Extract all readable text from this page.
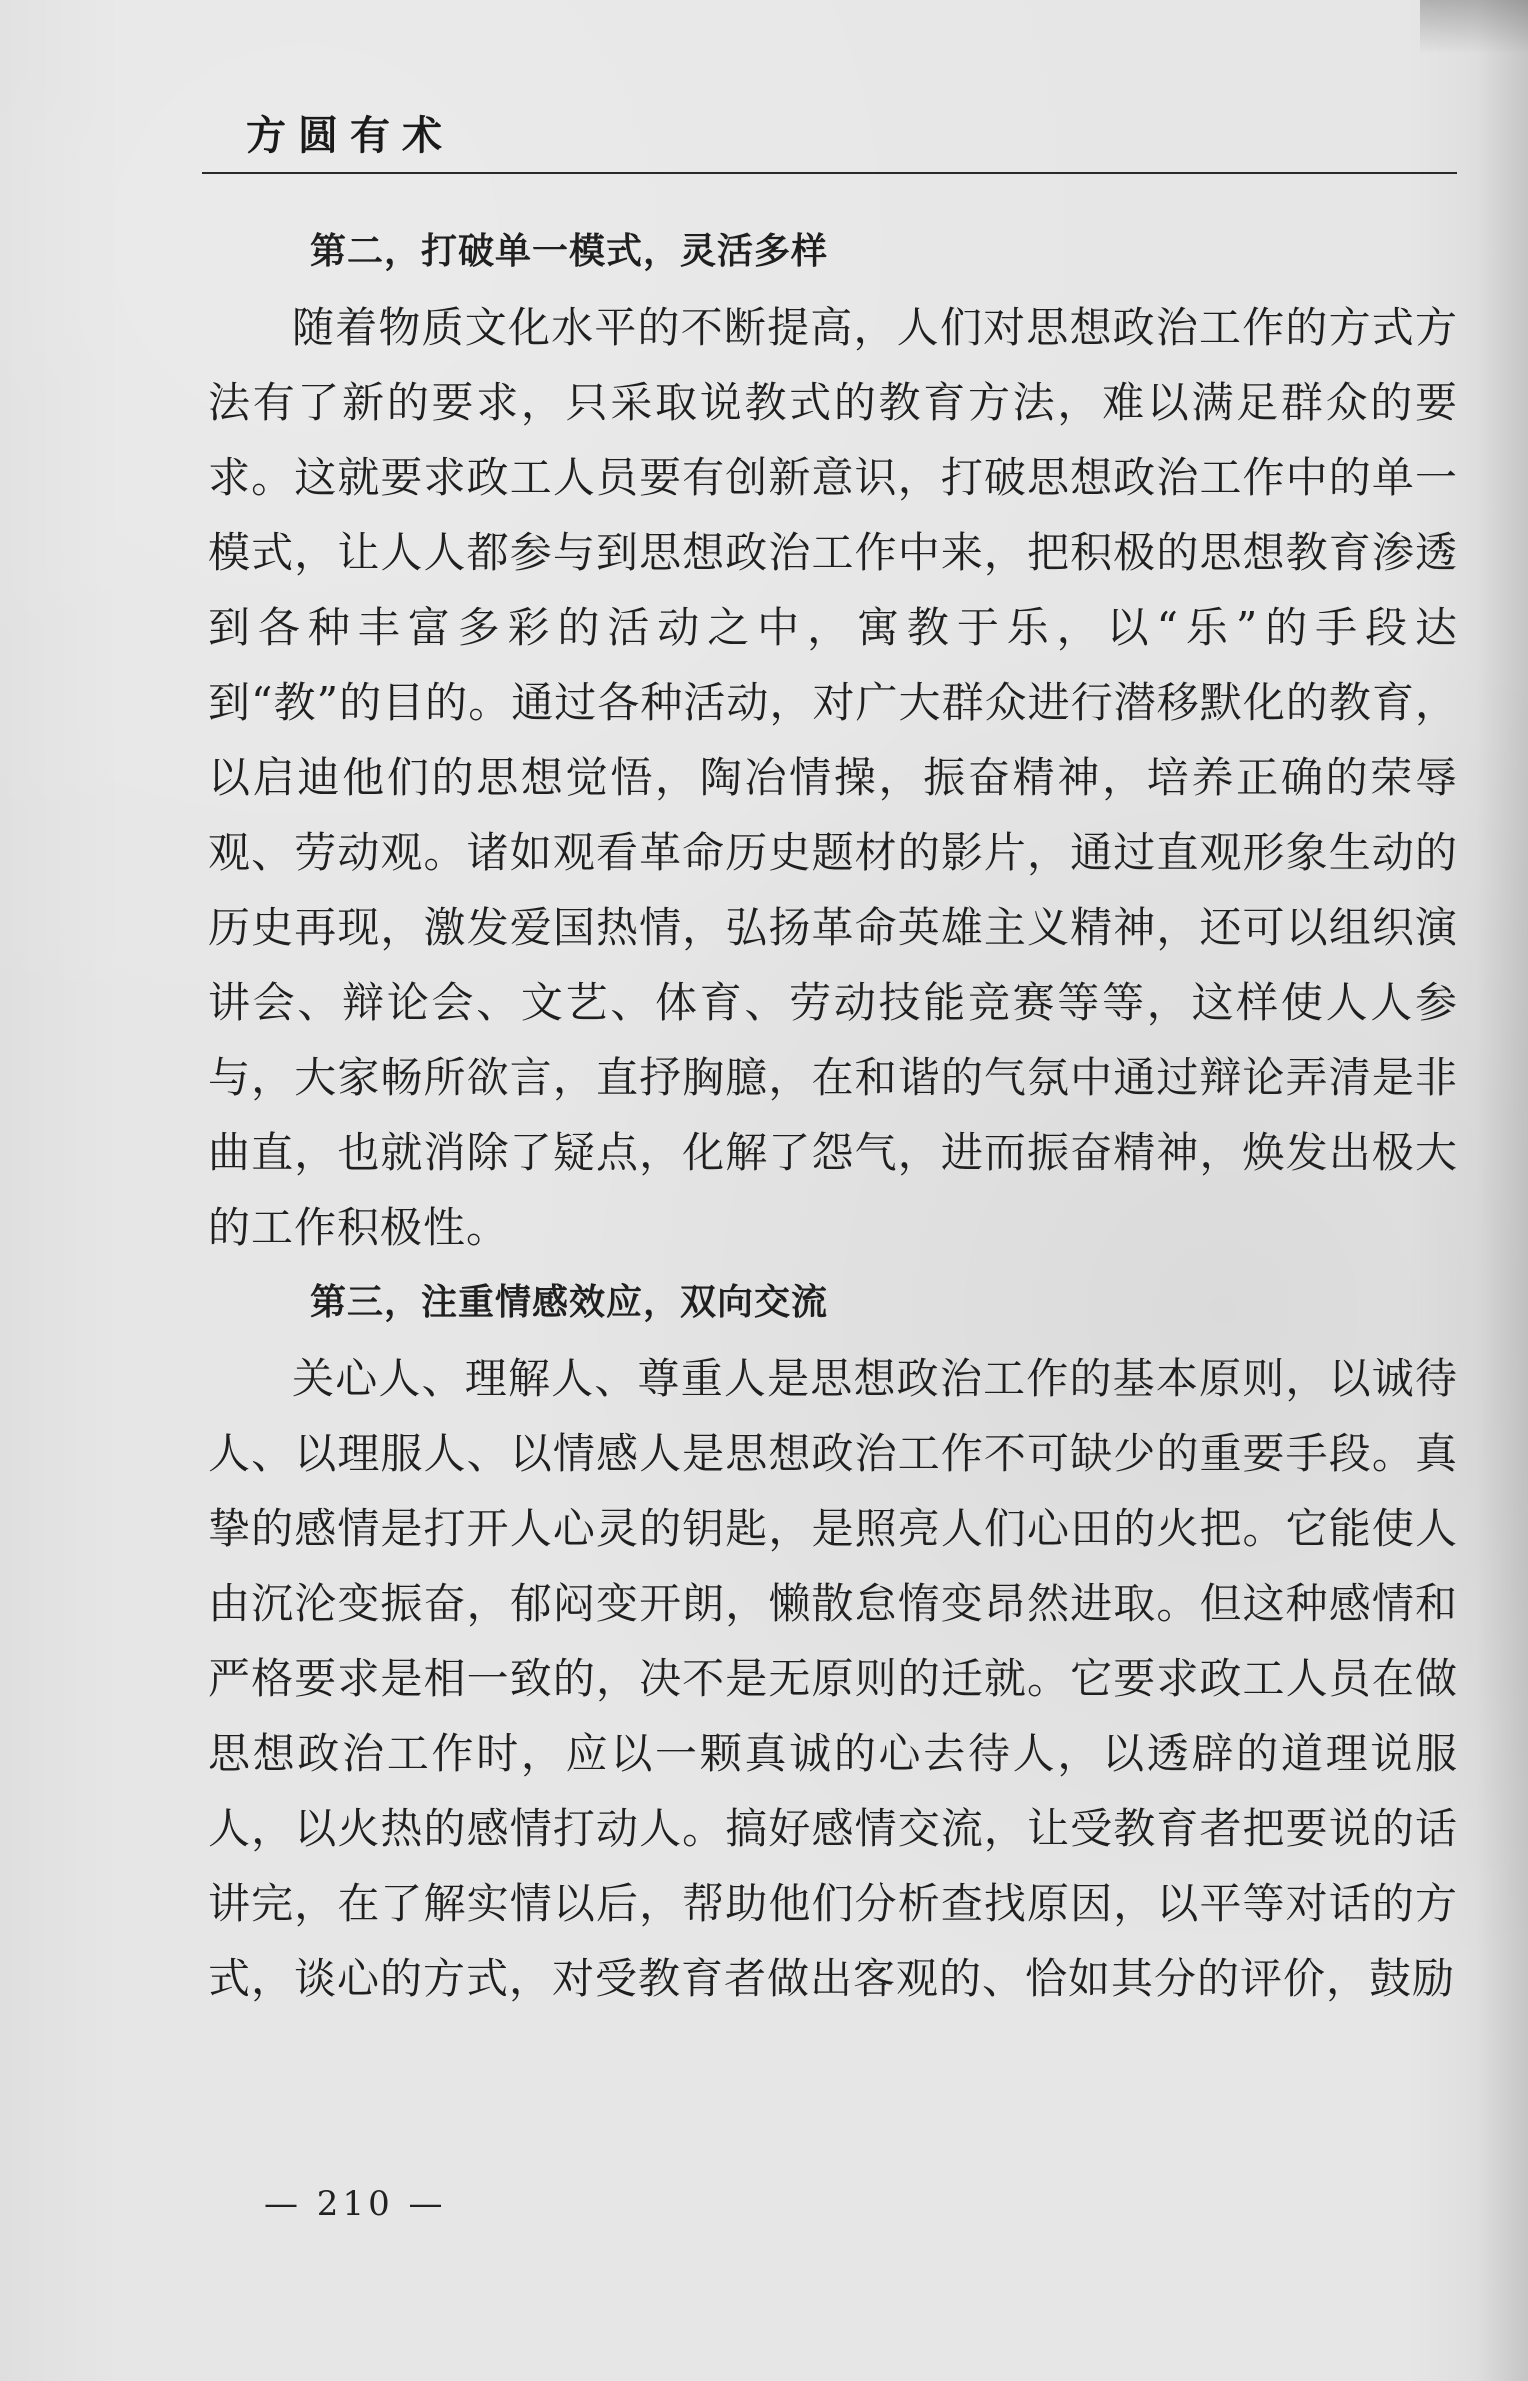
方圆有术
第二，打破单一模式，灵活多样

随着物质文化水平的不断提高，人们对思想政治工作的方式方法有了新的要求，只采取说教式的教育方法，难以满足群众的要求。这就要求政工人员要有创新意识，打破思想政治工作中的单一模式，让人人都参与到思想政治工作中来，把积极的思想教育渗透到各种丰富多彩的活动之中，寓教于乐，以“乐”的手段达到“教”的目的。通过各种活动，对广大群众进行潜移默化的教育，以启迪他们的思想觉悟，陶冶情操，振奋精神，培养正确的荣辱观、劳动观。诸如观看革命历史题材的影片，通过直观形象生动的历史再现，激发爱国热情，弘扬革命英雄主义精神，还可以组织演讲会、辩论会、文艺、体育、劳动技能竞赛等等，这样使人人参与，大家畅所欲言，直抒胸臆，在和谐的气氛中通过辩论弄清是非曲直，也就消除了疑点，化解了怨气，进而振奋精神，焕发出极大的工作积极性。

第三，注重情感效应，双向交流

关心人、理解人、尊重人是思想政治工作的基本原则，以诚待人、以理服人、以情感人是思想政治工作不可缺少的重要手段。真挚的感情是打开人心灵的钥匙，是照亮人们心田的火把。它能使人由沉沦变振奋，郁闷变开朗，懒散怠惰变昂然进取。但这种感情和严格要求是相一致的，决不是无原则的迁就。它要求政工人员在做思想政治工作时，应以一颗真诚的心去待人，以透辟的道理说服人，以火热的感情打动人。搞好感情交流，让受教育者把要说的话讲完，在了解实情以后，帮助他们分析查找原因，以平等对话的方式，谈心的方式，对受教育者做出客观的、恰如其分的评价，鼓励

— 210 —
